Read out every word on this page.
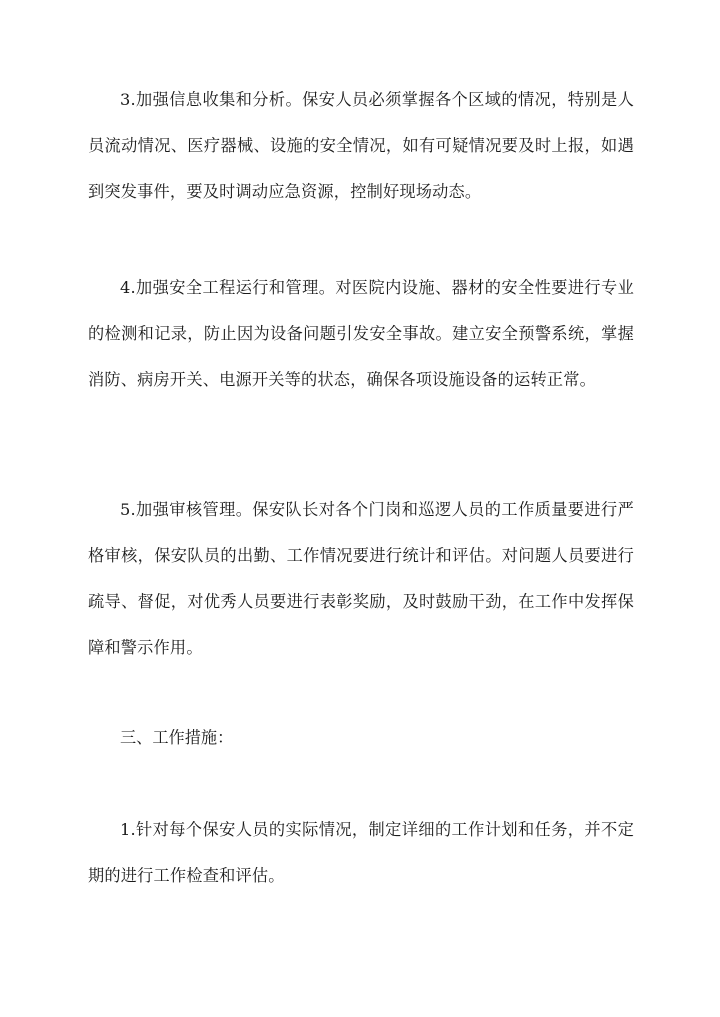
3.加强信息收集和分析。保安人员必须掌握各个区域的情况，特别是人员流动情况、医疗器械、设施的安全情况，如有可疑情况要及时上报，如遇到突发事件，要及时调动应急资源，控制好现场动态。

4.加强安全工程运行和管理。对医院内设施、器材的安全性要进行专业的检测和记录，防止因为设备问题引发安全事故。建立安全预警系统，掌握消防、病房开关、电源开关等的状态，确保各项设施设备的运转正常。

5.加强审核管理。保安队长对各个门岗和巡逻人员的工作质量要进行严格审核，保安队员的出勤、工作情况要进行统计和评估。对问题人员要进行疏导、督促，对优秀人员要进行表彰奖励，及时鼓励干劲，在工作中发挥保障和警示作用。

三、工作措施：

1.针对每个保安人员的实际情况，制定详细的工作计划和任务，并不定期的进行工作检查和评估。
